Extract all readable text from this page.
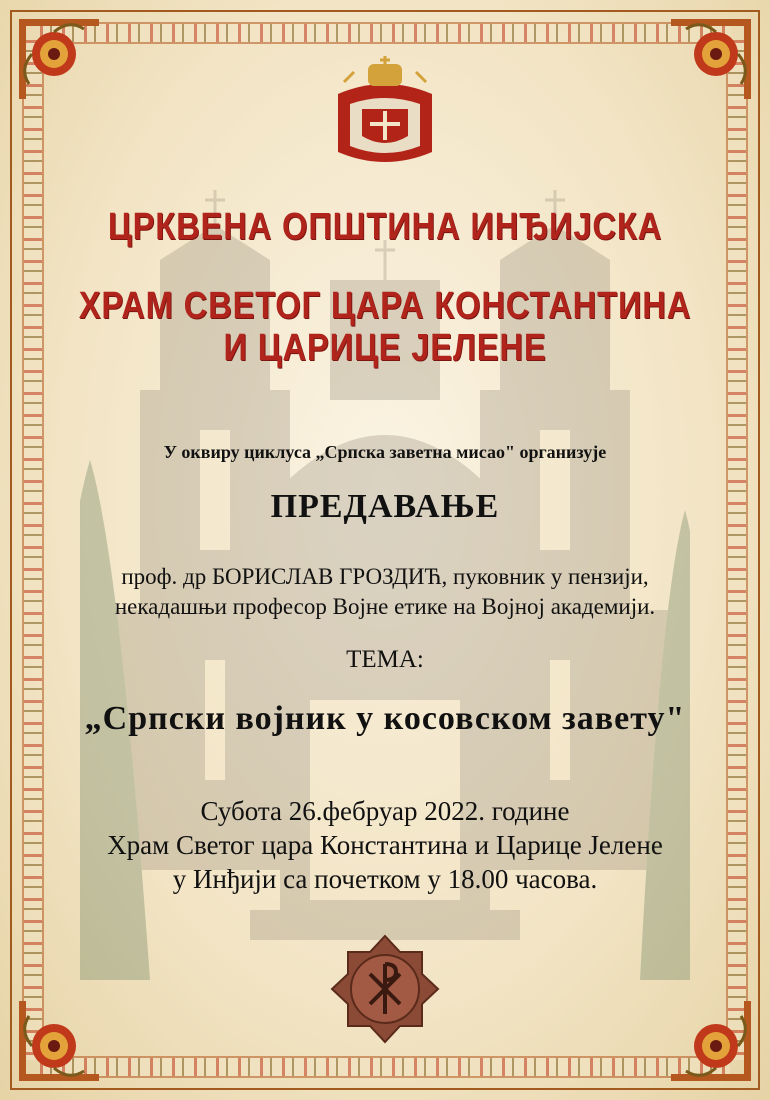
ЦРКВЕНА ОПШТИНА ИНЂИЈСКА
ХРАМ СВЕТОГ ЦАРА КОНСТАНТИНА
И ЦАРИЦЕ ЈЕЛЕНЕ
У оквиру циклуса „Српска заветна мисао" организује
ПРЕДАВАЊЕ
проф. др БОРИСЛАВ ГРОЗДИЋ, пуковник у пензији,
некадашњи професор Војне етике на Војној академији.
ТЕМА:
„Српски војник у косовском завету"
Субота 26.фебруар 2022. године
Храм Светог цара Константина и Царице Јелене
у Инђији са почетком у 18.00 часова.
